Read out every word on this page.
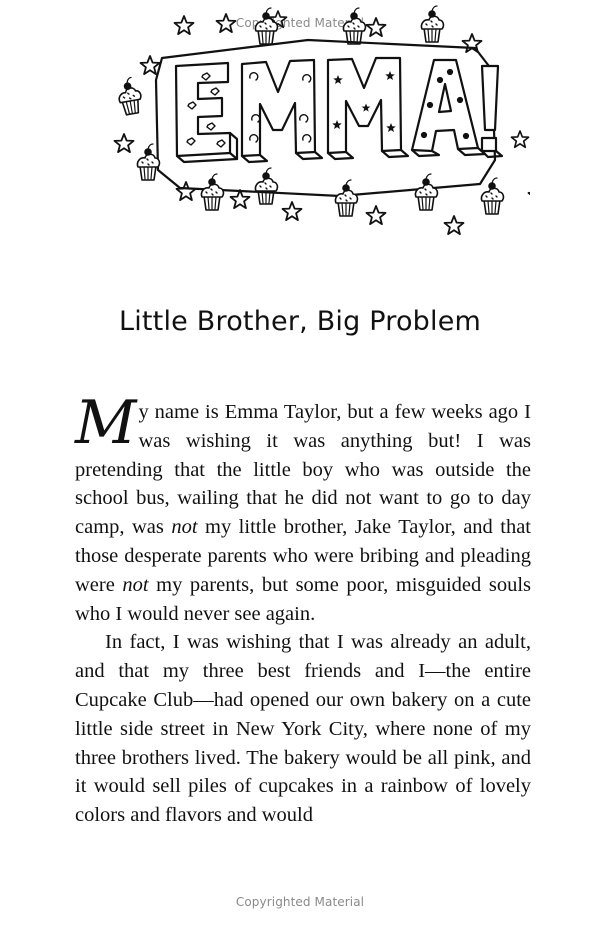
Copyrighted Material
Little Brother, Big Problem

My name is Emma Taylor, but a few weeks ago I was wishing it was anything but! I was pretending that the little boy who was outside the school bus, wailing that he did not want to go to day camp, was not my little brother, Jake Taylor, and that those desperate parents who were bribing and pleading were not my parents, but some poor, misguided souls who I would never see again.

In fact, I was wishing that I was already an adult, and that my three best friends and I—the entire Cupcake Club—had opened our own bakery on a cute little side street in New York City, where none of my three brothers lived. The bakery would be all pink, and it would sell piles of cupcakes in a rainbow of lovely colors and flavors and would

Copyrighted Material
